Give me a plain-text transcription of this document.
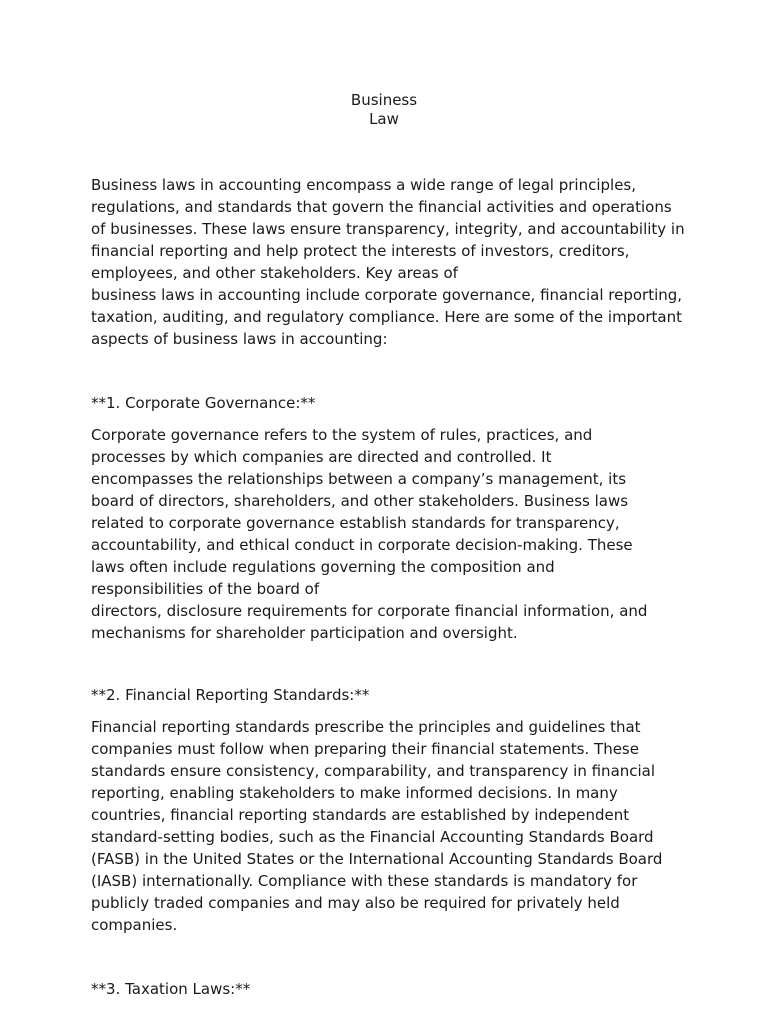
Business
Law
Business laws in accounting encompass a wide range of legal principles,
regulations, and standards that govern the financial activities and operations
of businesses. These laws ensure transparency, integrity, and accountability in
financial reporting and help protect the interests of investors, creditors,
employees, and other stakeholders. Key areas of
business laws in accounting include corporate governance, financial reporting,
taxation, auditing, and regulatory compliance. Here are some of the important
aspects of business laws in accounting:
**1. Corporate Governance:**
Corporate governance refers to the system of rules, practices, and
processes by which companies are directed and controlled. It
encompasses the relationships between a company’s management, its
board of directors, shareholders, and other stakeholders. Business laws
related to corporate governance establish standards for transparency,
accountability, and ethical conduct in corporate decision-making. These
laws often include regulations governing the composition and
responsibilities of the board of
directors, disclosure requirements for corporate financial information, and
mechanisms for shareholder participation and oversight.
**2. Financial Reporting Standards:**
Financial reporting standards prescribe the principles and guidelines that
companies must follow when preparing their financial statements. These
standards ensure consistency, comparability, and transparency in financial
reporting, enabling stakeholders to make informed decisions. In many
countries, financial reporting standards are established by independent
standard-setting bodies, such as the Financial Accounting Standards Board
(FASB) in the United States or the International Accounting Standards Board
(IASB) internationally. Compliance with these standards is mandatory for
publicly traded companies and may also be required for privately held
companies.
**3. Taxation Laws:**
